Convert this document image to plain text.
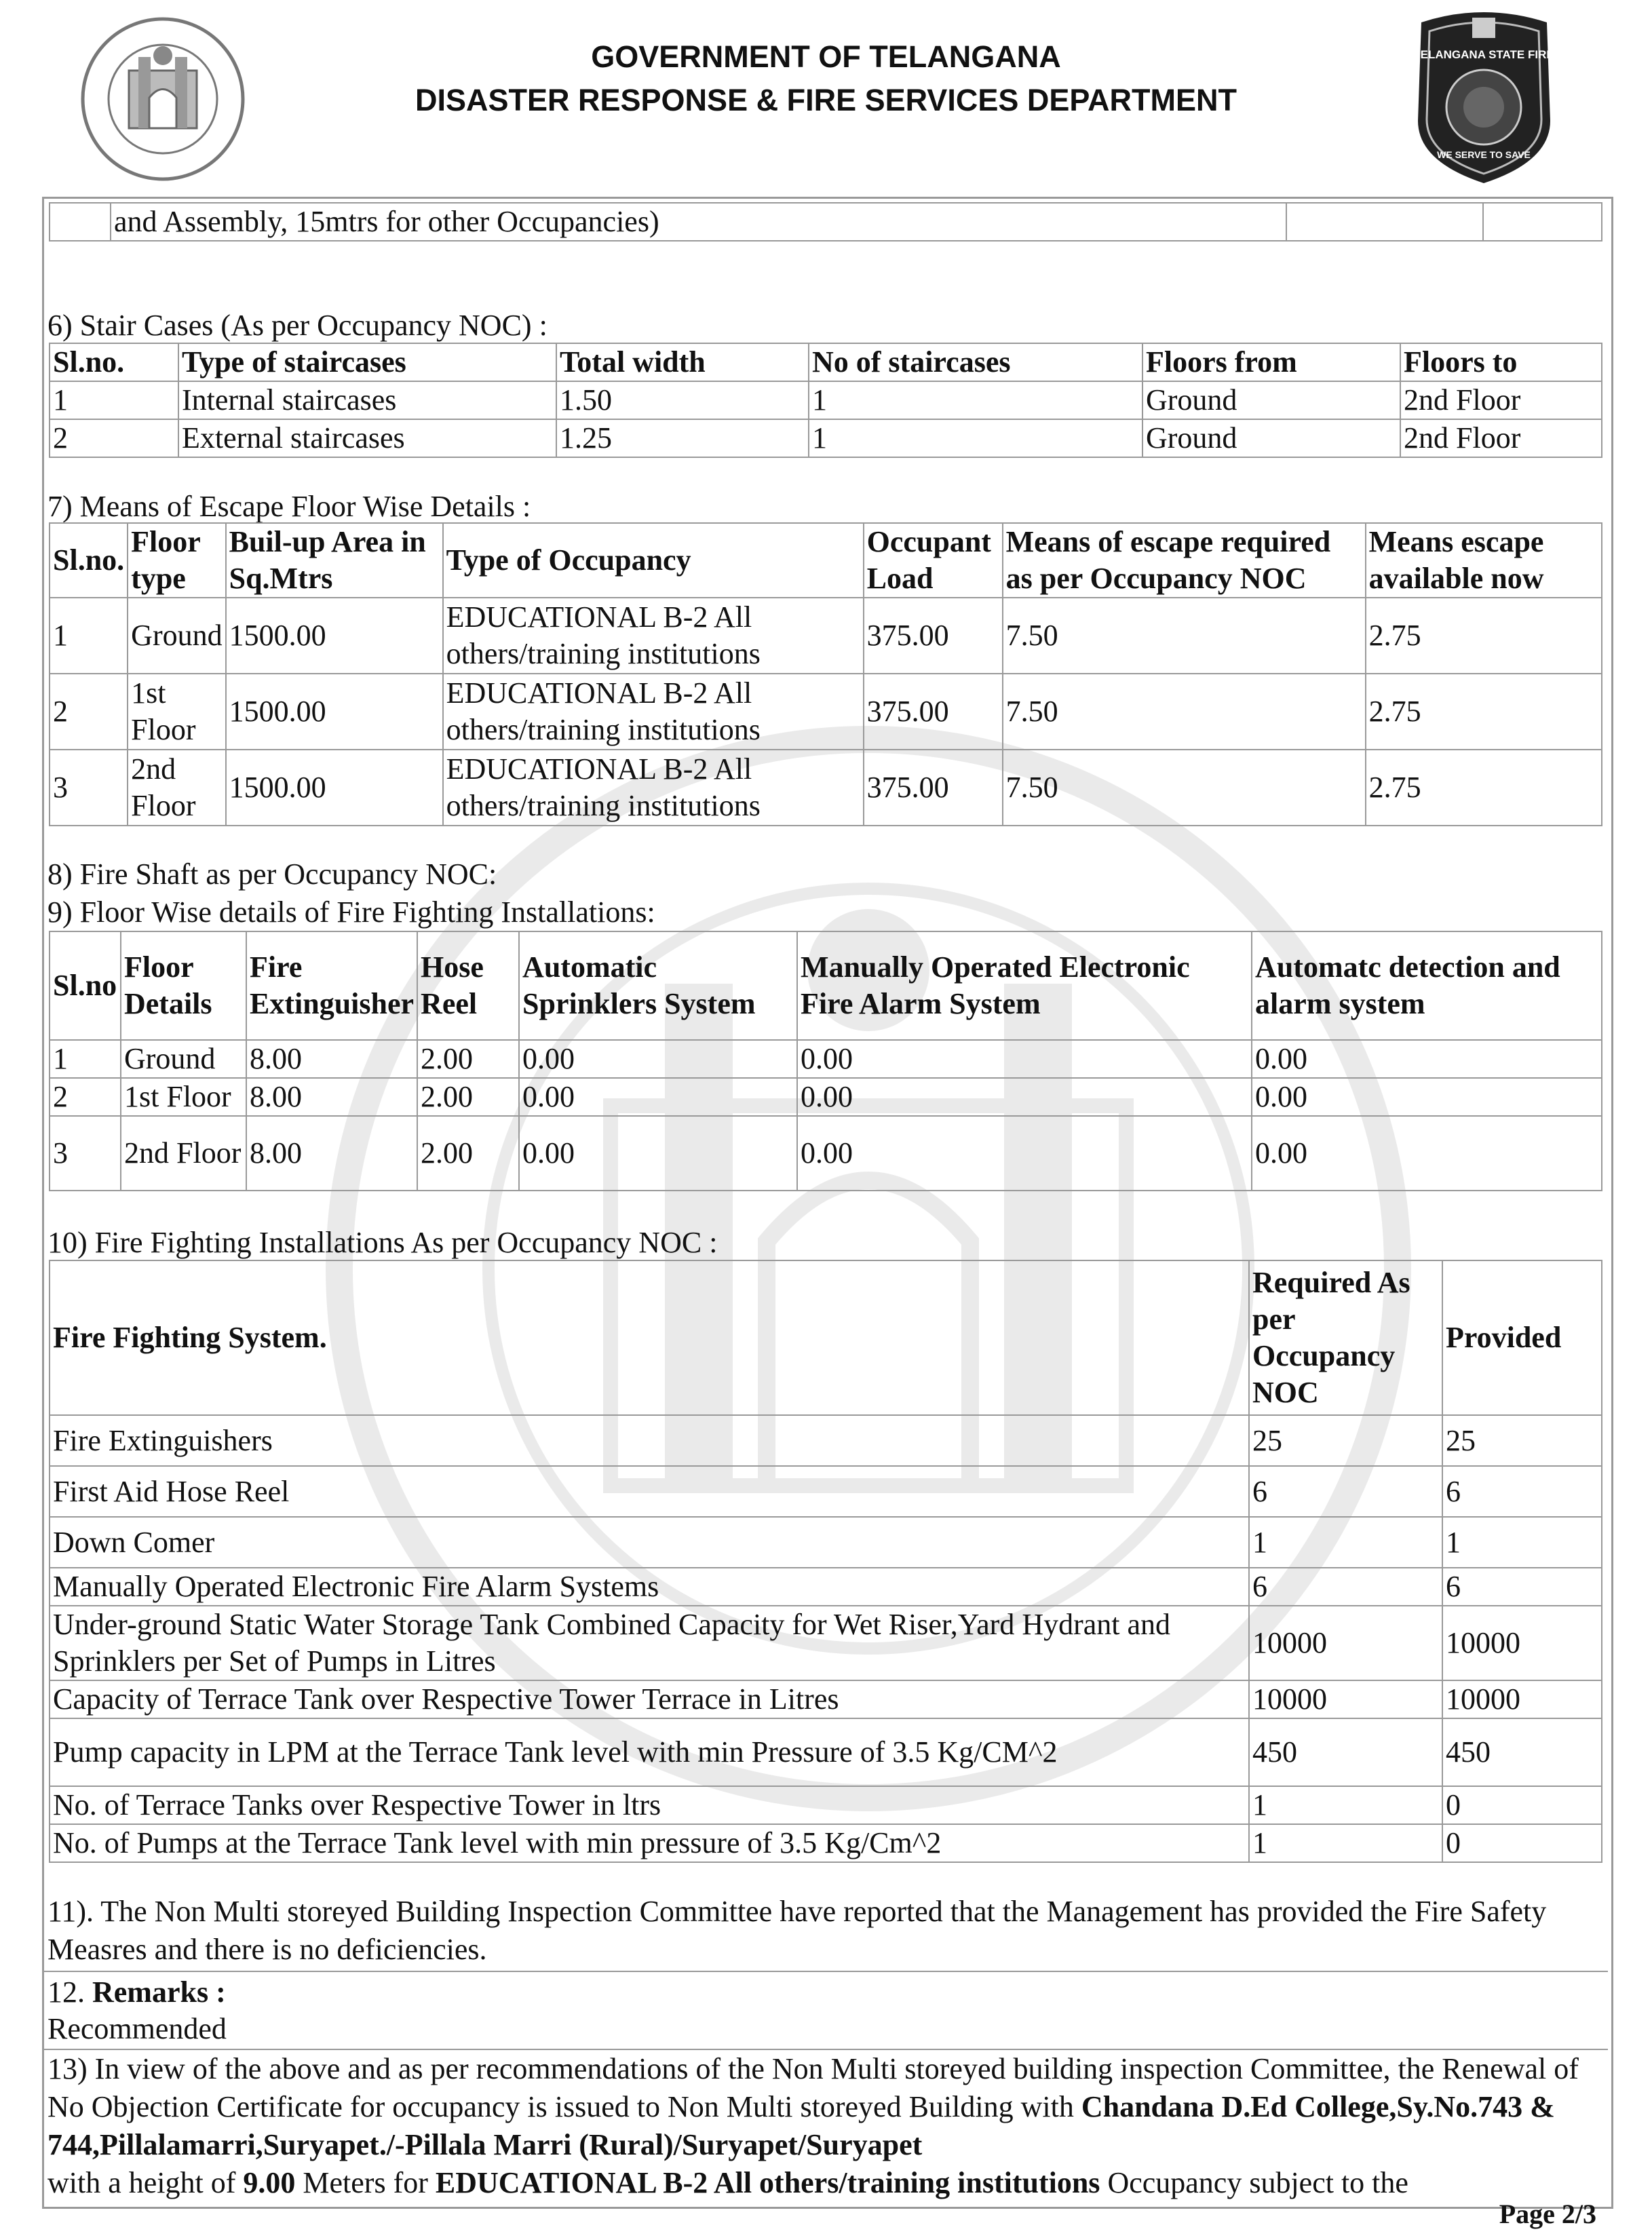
GOVERNMENT OF TELANGANA
DISASTER RESPONSE & FIRE SERVICES DEPARTMENT
TELANGANA STATE FIRE
WE SERVE TO SAVE
	and Assembly, 15mtrs for other Occupancies)		
6) Stair Cases (As per Occupancy NOC) :
Sl.no.	Type of staircases	Total width	No of staircases	Floors from	Floors to
1	Internal staircases	1.50	1	Ground	2nd Floor
2	External staircases	1.25	1	Ground	2nd Floor
7) Means of Escape Floor Wise Details :
Sl.no.	Floor type	Buil-up Area in Sq.Mtrs	Type of Occupancy	Occupant Load	Means of escape required as per Occupancy NOC	Means escape available now
1	Ground	1500.00	EDUCATIONAL B-2 All others/training institutions	375.00	7.50	2.75
2	1st Floor	1500.00	EDUCATIONAL B-2 All others/training institutions	375.00	7.50	2.75
3	2nd Floor	1500.00	EDUCATIONAL B-2 All others/training institutions	375.00	7.50	2.75
8) Fire Shaft as per Occupancy NOC:
9) Floor Wise details of Fire Fighting Installations:
Sl.no	Floor Details	Fire Extinguisher	Hose Reel	Automatic Sprinklers System	Manually Operated Electronic Fire Alarm System	Automatc detection and alarm system
1	Ground	8.00	2.00	0.00	0.00	0.00
2	1st Floor	8.00	2.00	0.00	0.00	0.00
3	2nd Floor	8.00	2.00	0.00	0.00	0.00
10) Fire Fighting Installations As per Occupancy NOC :
Fire Fighting System.	Required As per Occupancy NOC	Provided
Fire Extinguishers	25	25
First Aid Hose Reel	6	6
Down Comer	1	1
Manually Operated Electronic Fire Alarm Systems	6	6
Under-ground Static Water Storage Tank Combined Capacity for Wet Riser,Yard Hydrant and Sprinklers per Set of Pumps in Litres	10000	10000
Capacity of Terrace Tank over Respective Tower Terrace in Litres	10000	10000
Pump capacity in LPM at the Terrace Tank level with min Pressure of 3.5 Kg/CM^2	450	450
No. of Terrace Tanks over Respective Tower in ltrs	1	0
No. of Pumps at the Terrace Tank level with min pressure of 3.5 Kg/Cm^2	1	0
11). The Non Multi storeyed Building Inspection Committee have reported that the Management has provided the Fire Safety Measres and there is no deficiencies.
12. Remarks :
Recommended
13) In view of the above and as per recommendations of the Non Multi storeyed building inspection Committee, the Renewal of No Objection Certificate for occupancy is issued to Non Multi storeyed Building with Chandana D.Ed College,Sy.No.743 & 744,Pillalamarri,Suryapet./-Pillala Marri (Rural)/Suryapet/Suryapet
with a height of 9.00 Meters for EDUCATIONAL B-2 All others/training institutions Occupancy subject to the
Page 2/3
